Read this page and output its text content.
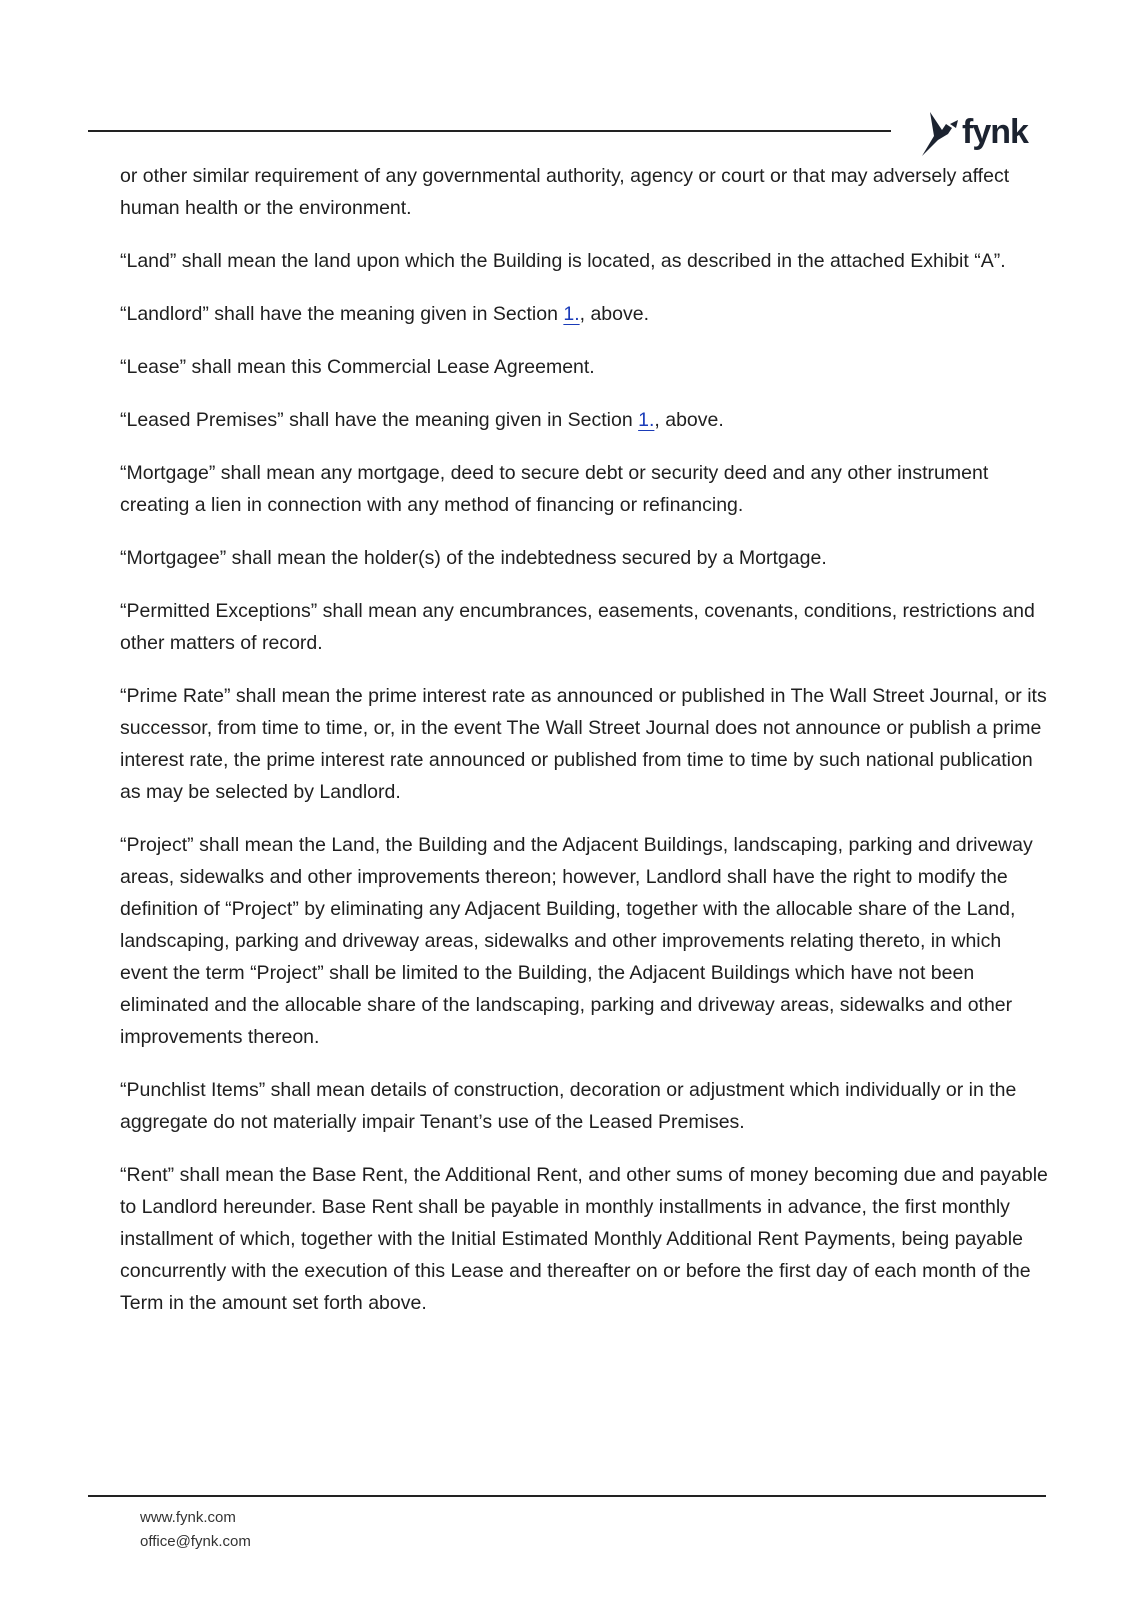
fynk

or other similar requirement of any governmental authority, agency or court or that may adversely affect human health or the environment.

“Land” shall mean the land upon which the Building is located, as described in the attached Exhibit “A”.

“Landlord” shall have the meaning given in Section 1., above.

“Lease” shall mean this Commercial Lease Agreement.

“Leased Premises” shall have the meaning given in Section 1., above.

“Mortgage” shall mean any mortgage, deed to secure debt or security deed and any other instrument creating a lien in connection with any method of financing or refinancing.

“Mortgagee” shall mean the holder(s) of the indebtedness secured by a Mortgage.

“Permitted Exceptions” shall mean any encumbrances, easements, covenants, conditions, restrictions and other matters of record.

“Prime Rate” shall mean the prime interest rate as announced or published in The Wall Street Journal, or its successor, from time to time, or, in the event The Wall Street Journal does not announce or publish a prime interest rate, the prime interest rate announced or published from time to time by such national publication as may be selected by Landlord.

“Project” shall mean the Land, the Building and the Adjacent Buildings, landscaping, parking and driveway areas, sidewalks and other improvements thereon; however, Landlord shall have the right to modify the definition of “Project” by eliminating any Adjacent Building, together with the allocable share of the Land, landscaping, parking and driveway areas, sidewalks and other improvements relating thereto, in which event the term “Project” shall be limited to the Building, the Adjacent Buildings which have not been eliminated and the allocable share of the landscaping, parking and driveway areas, sidewalks and other improvements thereon.

“Punchlist Items” shall mean details of construction, decoration or adjustment which individually or in the aggregate do not materially impair Tenant’s use of the Leased Premises.

“Rent” shall mean the Base Rent, the Additional Rent, and other sums of money becoming due and payable to Landlord hereunder. Base Rent shall be payable in monthly installments in advance, the first monthly installment of which, together with the Initial Estimated Monthly Additional Rent Payments, being payable concurrently with the execution of this Lease and thereafter on or before the first day of each month of the Term in the amount set forth above.

www.fynk.com
office@fynk.com
